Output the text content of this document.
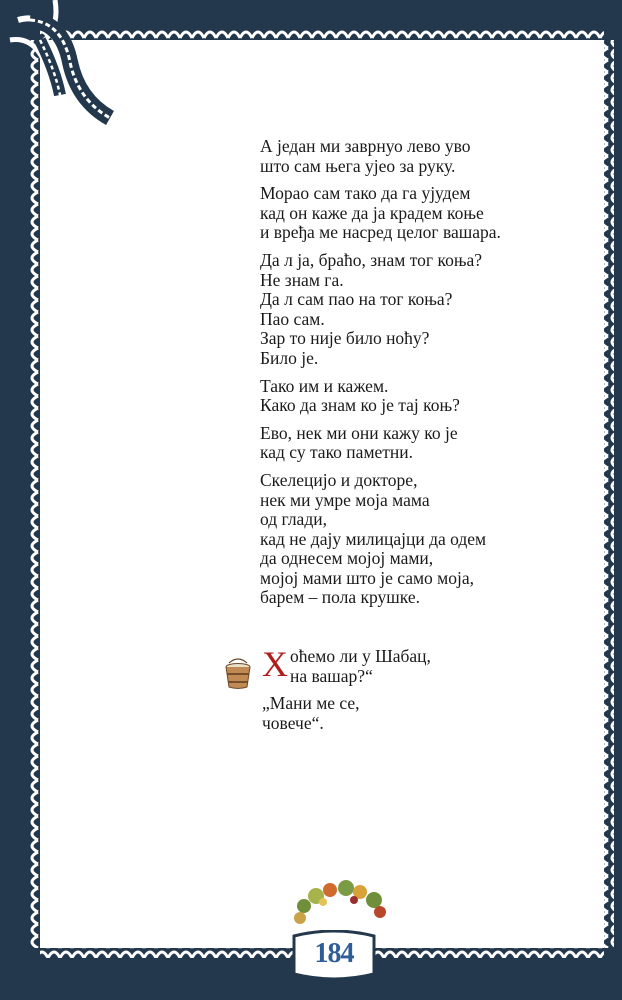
А један ми заврнуо лево уво
што сам њега ујео за руку.
Морао сам тако да га ујудем
кад он каже да ја крадем коње
и вређа ме насред целог вашара.
Да л ја, браћо, знам тог коња?
Не знам га.
Да л сам пао на тог коња?
Пао сам.
Зар то није било ноћу?
Било је.
Тако им и кажем.
Како да знам ко је тај коњ?
Ево, нек ми они кажу ко је
кад су тако паметни.
Скелецијо и докторе,
нек ми умре моја мама
од глади,
кад не дају милицајци да одем
да однесем мојој мами,
мојој мами што је само моја,
барем – пола крушке.
Х оћемо ли у Шабац,
на вашар?“
„Мани ме се,
човече“.
184
